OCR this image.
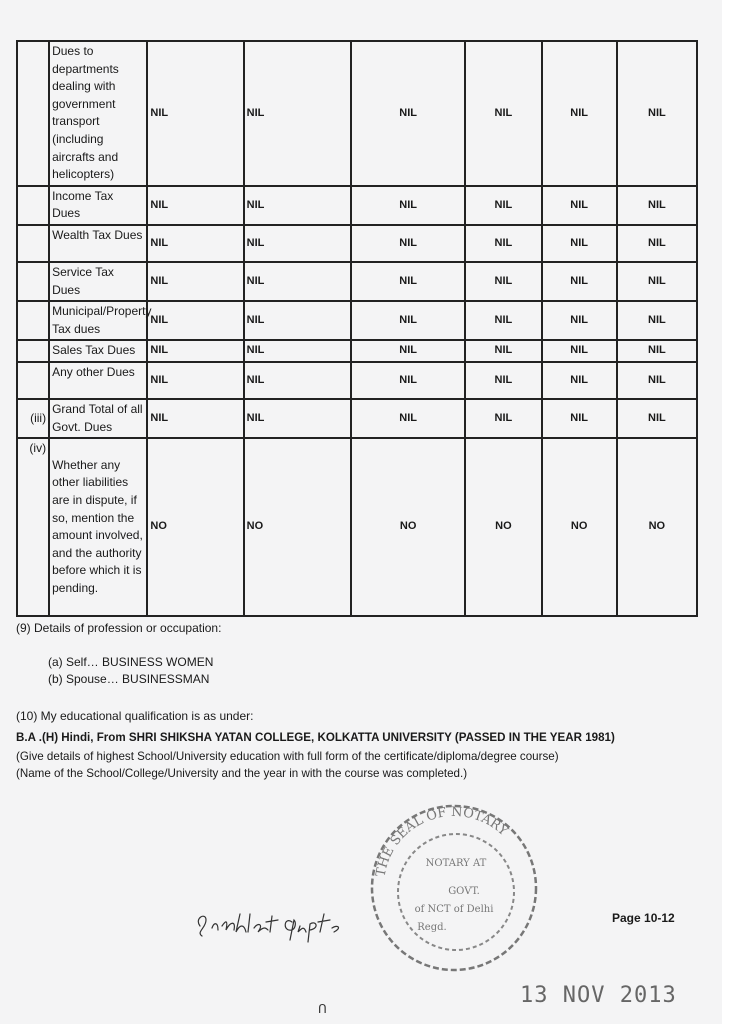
	Dues to departments dealing with government transport (including aircrafts and helicopters)	NIL	NIL	NIL	NIL	NIL	NIL
	Income Tax Dues	NIL	NIL	NIL	NIL	NIL	NIL
	Wealth Tax Dues	NIL	NIL	NIL	NIL	NIL	NIL
	Service Tax Dues	NIL	NIL	NIL	NIL	NIL	NIL
	Municipal/Property Tax dues	NIL	NIL	NIL	NIL	NIL	NIL
	Sales Tax Dues	NIL	NIL	NIL	NIL	NIL	NIL
	Any other Dues	NIL	NIL	NIL	NIL	NIL	NIL
(iii)	Grand Total of all Govt. Dues	NIL	NIL	NIL	NIL	NIL	NIL
(iv)	Whether any other liabilities are in dispute, if so, mention the amount involved, and the authority before which it is pending.	NO	NO	NO	NO	NO	NO
(9) Details of profession or occupation:
(a) Self… BUSINESS WOMEN
(b) Spouse… BUSINESSMAN
(10) My educational qualification is as under:
B.A .(H) Hindi, From SHRI SHIKSHA YATAN COLLEGE, KOLKATTA UNIVERSITY (PASSED IN THE YEAR 1981)
(Give details of highest School/University education with full form of the certificate/diploma/degree course)
(Name of the School/College/University and the year in with the course was completed.)
THE SEAL OF NOTARY
NOTARY AT
GOVT.
of NCT of Delhi
Regd.
Page 10-12
13 NOV 2013
ᑎ
